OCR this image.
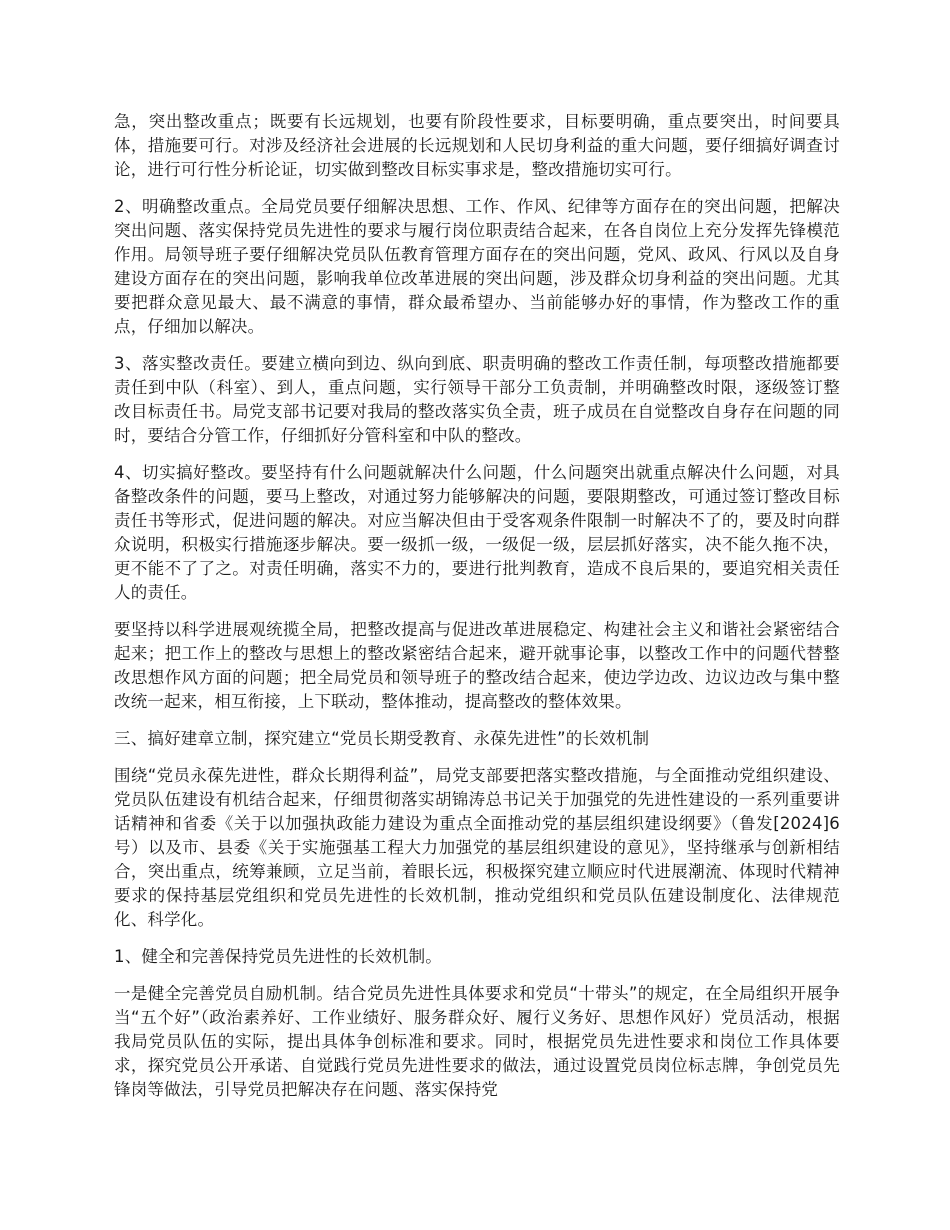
急，突出整改重点；既要有长远规划，也要有阶段性要求，目标要明确，重点要突出，时间要具体，措施要可行。对涉及经济社会进展的长远规划和人民切身利益的重大问题，要仔细搞好调查讨论，进行可行性分析论证，切实做到整改目标实事求是，整改措施切实可行。

2、明确整改重点。全局党员要仔细解决思想、工作、作风、纪律等方面存在的突出问题，把解决突出问题、落实保持党员先进性的要求与履行岗位职责结合起来，在各自岗位上充分发挥先锋模范作用。局领导班子要仔细解决党员队伍教育管理方面存在的突出问题，党风、政风、行风以及自身建设方面存在的突出问题，影响我单位改革进展的突出问题，涉及群众切身利益的突出问题。尤其要把群众意见最大、最不满意的事情，群众最希望办、当前能够办好的事情，作为整改工作的重点，仔细加以解决。

3、落实整改责任。要建立横向到边、纵向到底、职责明确的整改工作责任制，每项整改措施都要责任到中队（科室）、到人，重点问题，实行领导干部分工负责制，并明确整改时限，逐级签订整改目标责任书。局党支部书记要对我局的整改落实负全责，班子成员在自觉整改自身存在问题的同时，要结合分管工作，仔细抓好分管科室和中队的整改。

4、切实搞好整改。要坚持有什么问题就解决什么问题，什么问题突出就重点解决什么问题，对具备整改条件的问题，要马上整改，对通过努力能够解决的问题，要限期整改，可通过签订整改目标责任书等形式，促进问题的解决。对应当解决但由于受客观条件限制一时解决不了的，要及时向群众说明，积极实行措施逐步解决。要一级抓一级，一级促一级，层层抓好落实，决不能久拖不决，更不能不了了之。对责任明确，落实不力的，要进行批判教育，造成不良后果的，要追究相关责任人的责任。

要坚持以科学进展观统揽全局，把整改提高与促进改革进展稳定、构建社会主义和谐社会紧密结合起来；把工作上的整改与思想上的整改紧密结合起来，避开就事论事，以整改工作中的问题代替整改思想作风方面的问题；把全局党员和领导班子的整改结合起来，使边学边改、边议边改与集中整改统一起来，相互衔接，上下联动，整体推动，提高整改的整体效果。

三、搞好建章立制，探究建立“党员长期受教育、永葆先进性”的长效机制

围绕“党员永葆先进性，群众长期得利益”，局党支部要把落实整改措施，与全面推动党组织建设、党员队伍建设有机结合起来，仔细贯彻落实胡锦涛总书记关于加强党的先进性建设的一系列重要讲话精神和省委《关于以加强执政能力建设为重点全面推动党的基层组织建设纲要》（鲁发[2024]6 号）以及市、县委《关于实施强基工程大力加强党的基层组织建设的意见》，坚持继承与创新相结合，突出重点，统筹兼顾，立足当前，着眼长远，积极探究建立顺应时代进展潮流、体现时代精神要求的保持基层党组织和党员先进性的长效机制，推动党组织和党员队伍建设制度化、法律规范化、科学化。

1、健全和完善保持党员先进性的长效机制。

一是健全完善党员自励机制。结合党员先进性具体要求和党员“十带头”的规定，在全局组织开展争当“五个好”（政治素养好、工作业绩好、服务群众好、履行义务好、思想作风好）党员活动，根据我局党员队伍的实际，提出具体争创标准和要求。同时，根据党员先进性要求和岗位工作具体要求，探究党员公开承诺、自觉践行党员先进性要求的做法，通过设置党员岗位标志牌，争创党员先锋岗等做法，引导党员把解决存在问题、落实保持党
